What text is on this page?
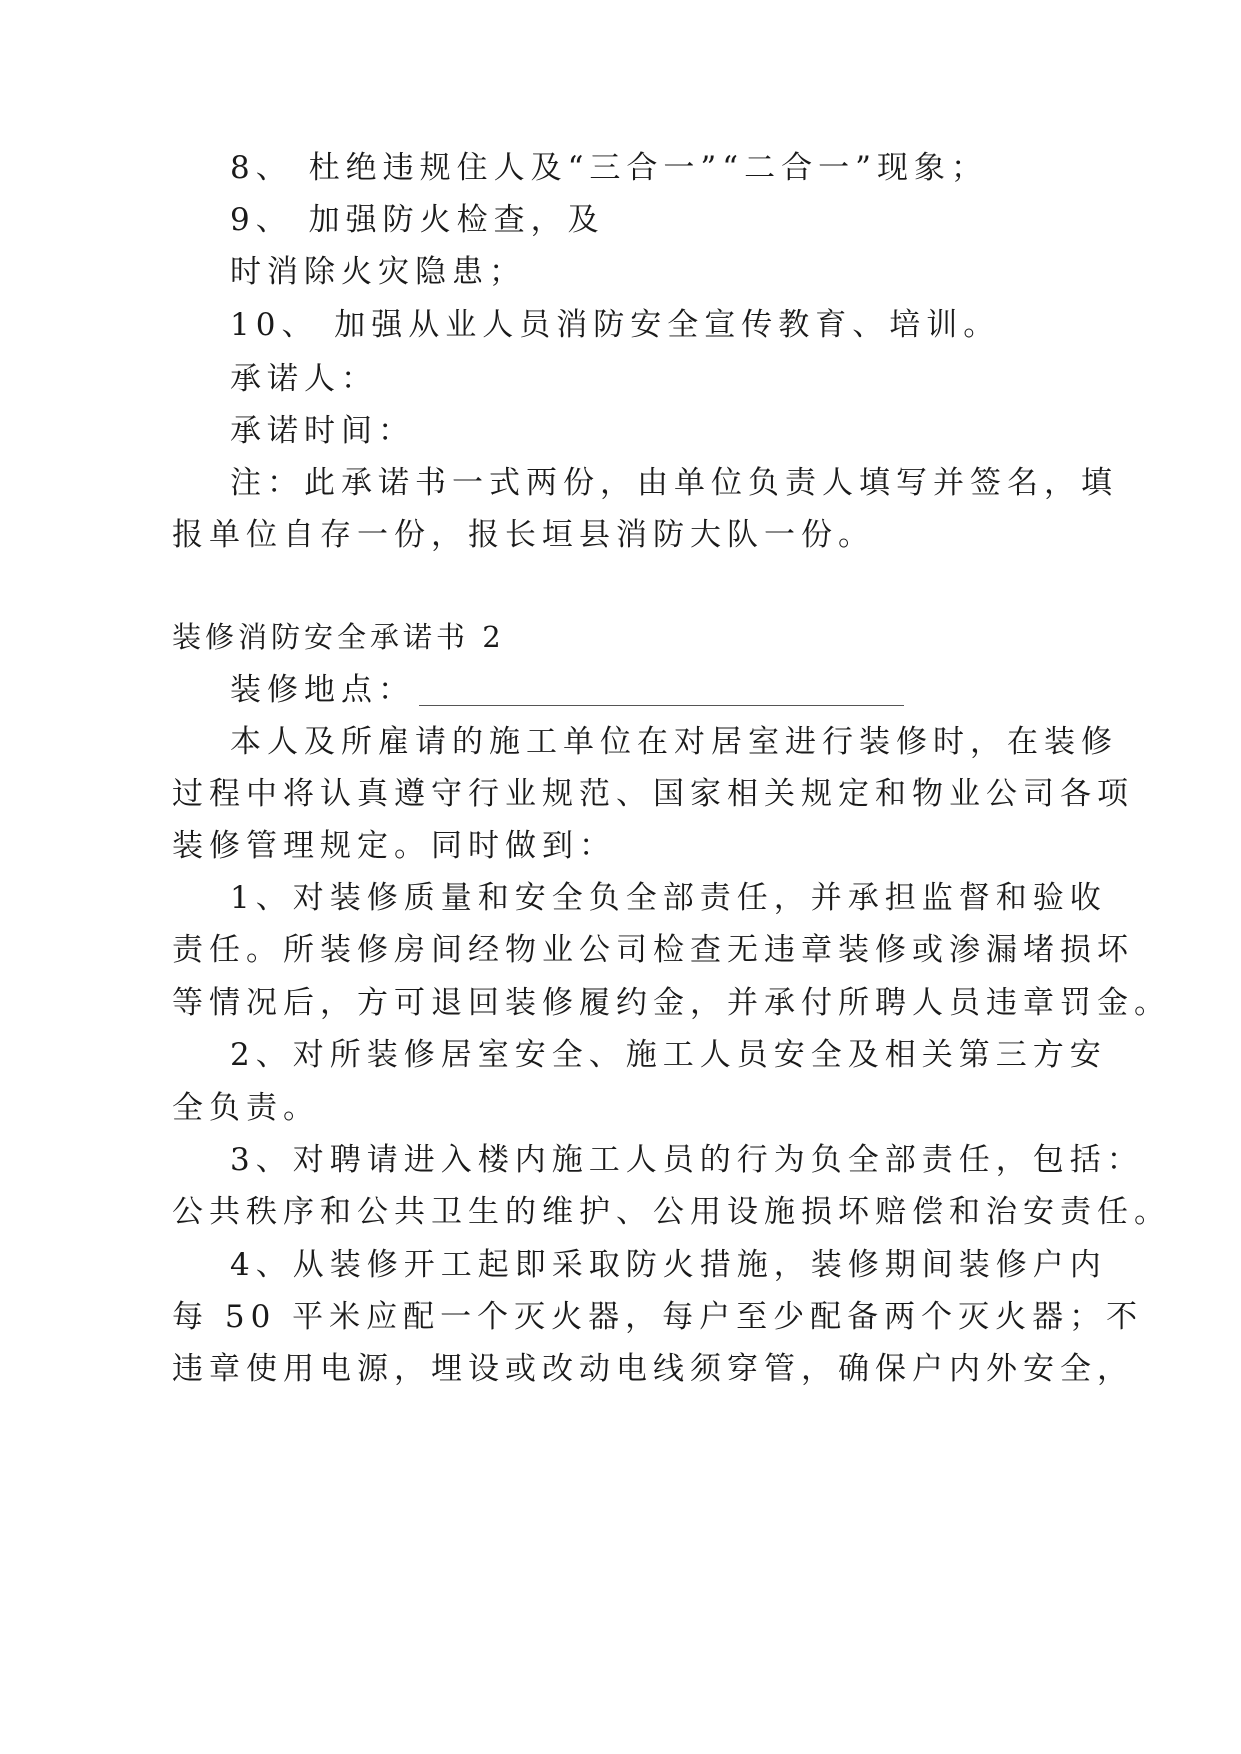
8、 杜绝违规住人及“三合一”“二合一”现象；
9、 加强防火检查，及
时消除火灾隐患；
10、 加强从业人员消防安全宣传教育、培训。
承诺人：
承诺时间：
注：此承诺书一式两份，由单位负责人填写并签名，填
报单位自存一份，报长垣县消防大队一份。
装修消防安全承诺书 2
装修地点：
本人及所雇请的施工单位在对居室进行装修时，在装修
过程中将认真遵守行业规范、国家相关规定和物业公司各项
装修管理规定。同时做到：
1、对装修质量和安全负全部责任，并承担监督和验收
责任。所装修房间经物业公司检查无违章装修或渗漏堵损坏
等情况后，方可退回装修履约金，并承付所聘人员违章罚金。
2、对所装修居室安全、施工人员安全及相关第三方安
全负责。
3、对聘请进入楼内施工人员的行为负全部责任，包括：
公共秩序和公共卫生的维护、公用设施损坏赔偿和治安责任。
4、从装修开工起即采取防火措施，装修期间装修户内
每 50 平米应配一个灭火器，每户至少配备两个灭火器；不
违章使用电源，埋设或改动电线须穿管，确保户内外安全，
